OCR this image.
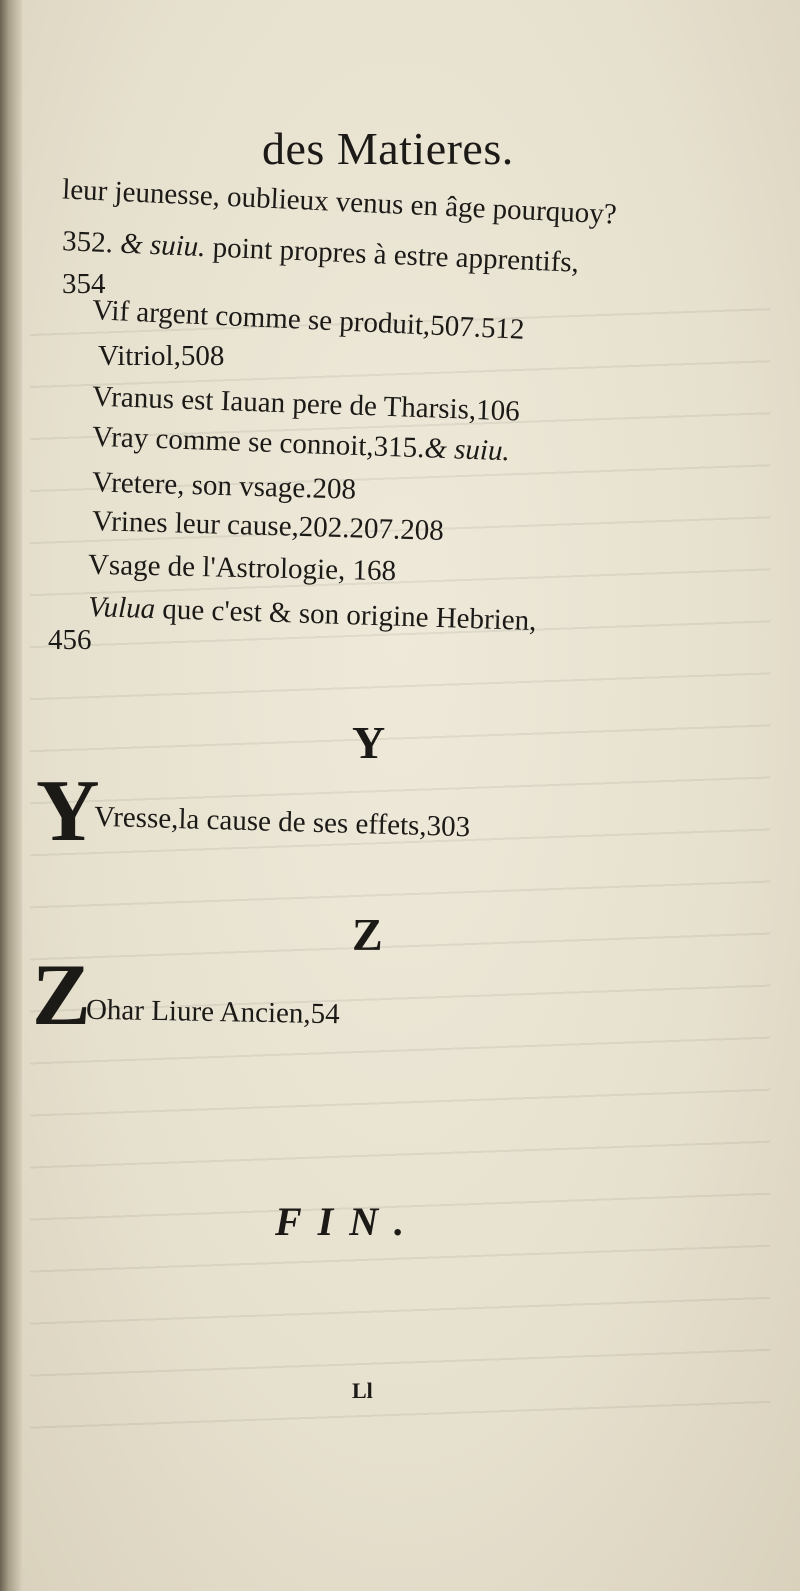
des Matieres.
leur jeunesse, oublieux venus en âge pourquoy?
352. & suiu. point propres à estre apprentifs,
354
Vif argent comme se produit,507.512
Vitriol,508
Vranus est Iauan pere de Tharsis,106
Vray comme se connoit,315.& suiu.
Vretere, son vsage.208
Vrines leur cause,202.207.208
Vsage de l'Astrologie, 168
Vulua que c'est & son origine Hebrien,
456
Y
Y
Vresse,la cause de ses effets,303
Z
Z
Ohar Liure Ancien,54
FIN.
Ll
